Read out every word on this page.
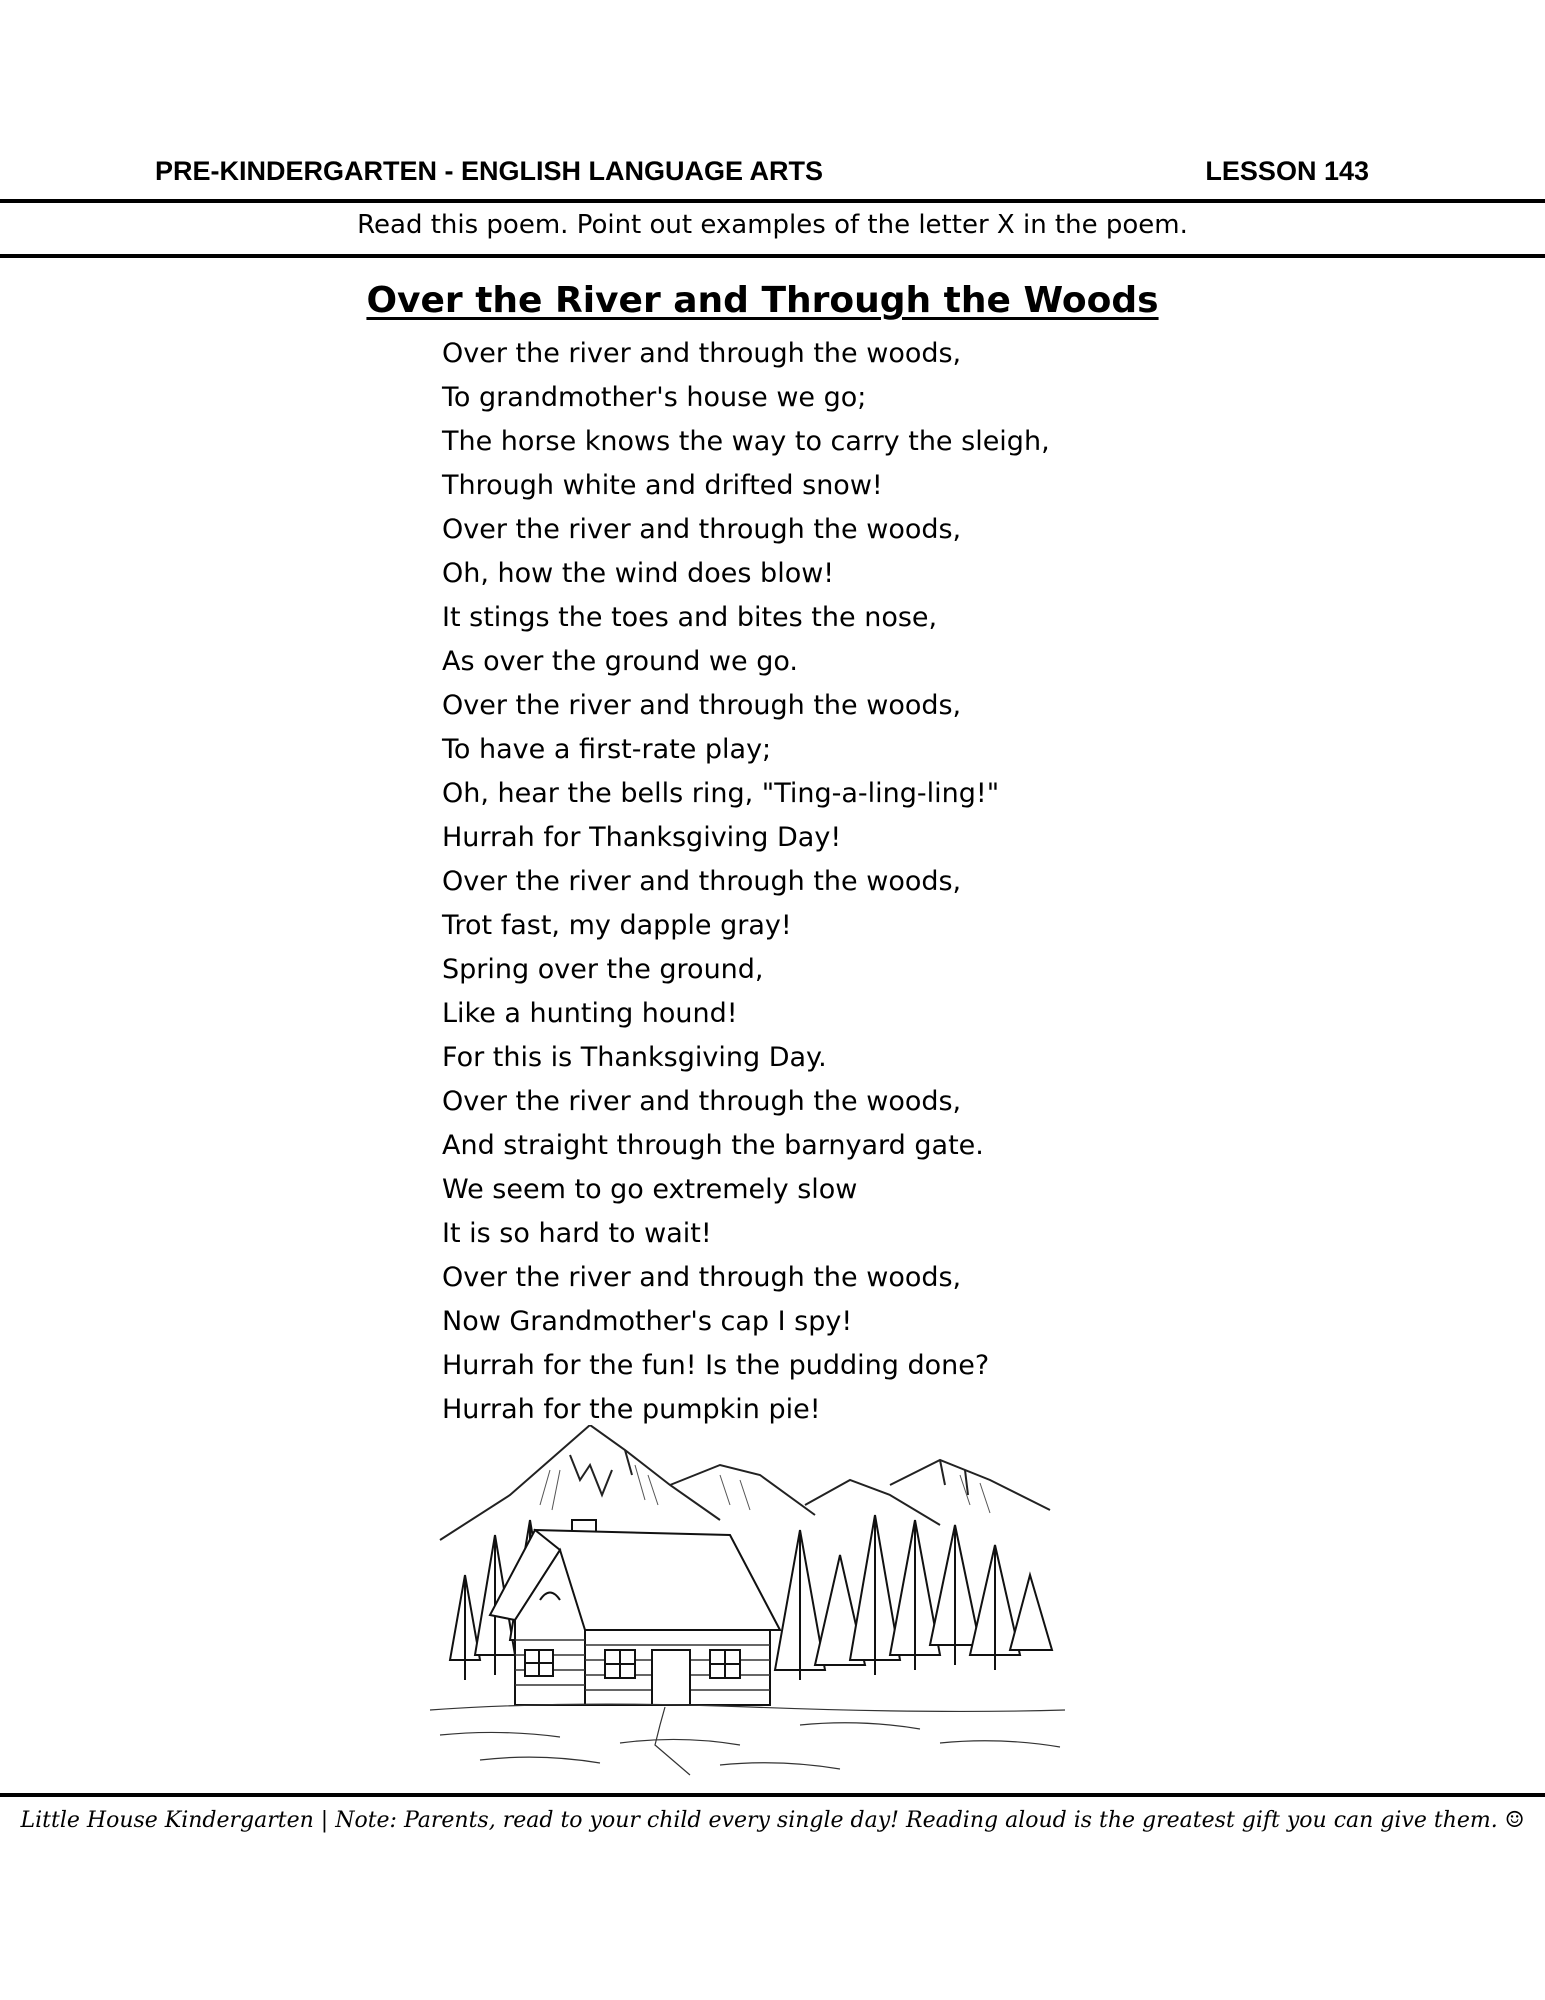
PRE-KINDERGARTEN - ENGLISH LANGUAGE ARTS	LESSON 143
Read this poem. Point out examples of the letter X in the poem.
Over the River and Through the Woods
Over the river and through the woods,
To grandmother's house we go;
The horse knows the way to carry the sleigh,
Through white and drifted snow!
Over the river and through the woods,
Oh, how the wind does blow!
It stings the toes and bites the nose,
As over the ground we go.
Over the river and through the woods,
To have a first-rate play;
Oh, hear the bells ring, "Ting-a-ling-ling!"
Hurrah for Thanksgiving Day!
Over the river and through the woods,
Trot fast, my dapple gray!
Spring over the ground,
Like a hunting hound!
For this is Thanksgiving Day.
Over the river and through the woods,
And straight through the barnyard gate.
We seem to go extremely slow
It is so hard to wait!
Over the river and through the woods,
Now Grandmother's cap I spy!
Hurrah for the fun! Is the pudding done?
Hurrah for the pumpkin pie!
Little House Kindergarten | Note: Parents, read to your child every single day! Reading aloud is the greatest gift you can give them. ☺
